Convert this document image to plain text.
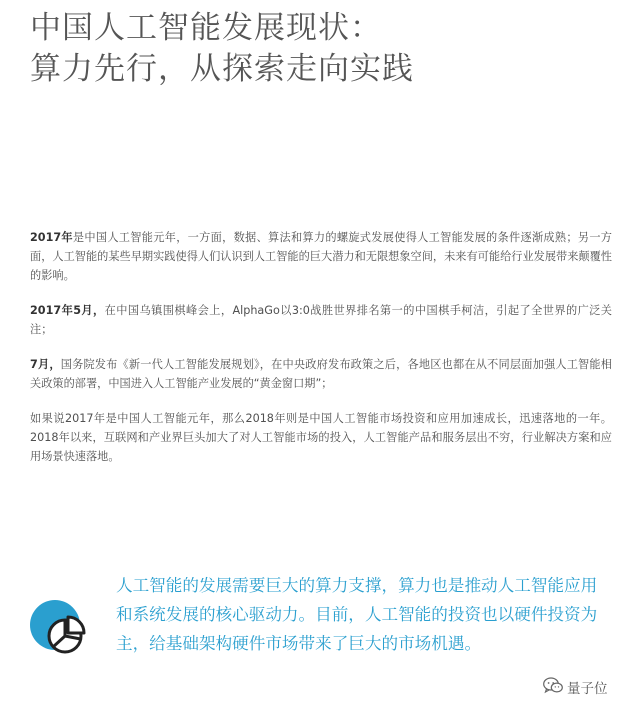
中国人工智能发展现状：
算力先行，从探索走向实践

2017年是中国人工智能元年，一方面，数据、算法和算力的螺旋式发展使得人工智能发展的条件逐渐成熟；另一方面，人工智能的某些早期实践使得人们认识到人工智能的巨大潜力和无限想象空间，未来有可能给行业发展带来颠覆性的影响。

2017年5月，在中国乌镇围棋峰会上，AlphaGo以3:0战胜世界排名第一的中国棋手柯洁，引起了全世界的广泛关注；

7月，国务院发布《新一代人工智能发展规划》，在中央政府发布政策之后，各地区也都在从不同层面加强人工智能相关政策的部署，中国进入人工智能产业发展的“黄金窗口期”；

如果说2017年是中国人工智能元年，那么2018年则是中国人工智能市场投资和应用加速成长，迅速落地的一年。2018年以来，互联网和产业界巨头加大了对人工智能市场的投入，人工智能产品和服务层出不穷，行业解决方案和应用场景快速落地。

人工智能的发展需要巨大的算力支撑，算力也是推动人工智能应用和系统发展的核心驱动力。目前，人工智能的投资也以硬件投资为主，给基础架构硬件市场带来了巨大的市场机遇。
量子位
